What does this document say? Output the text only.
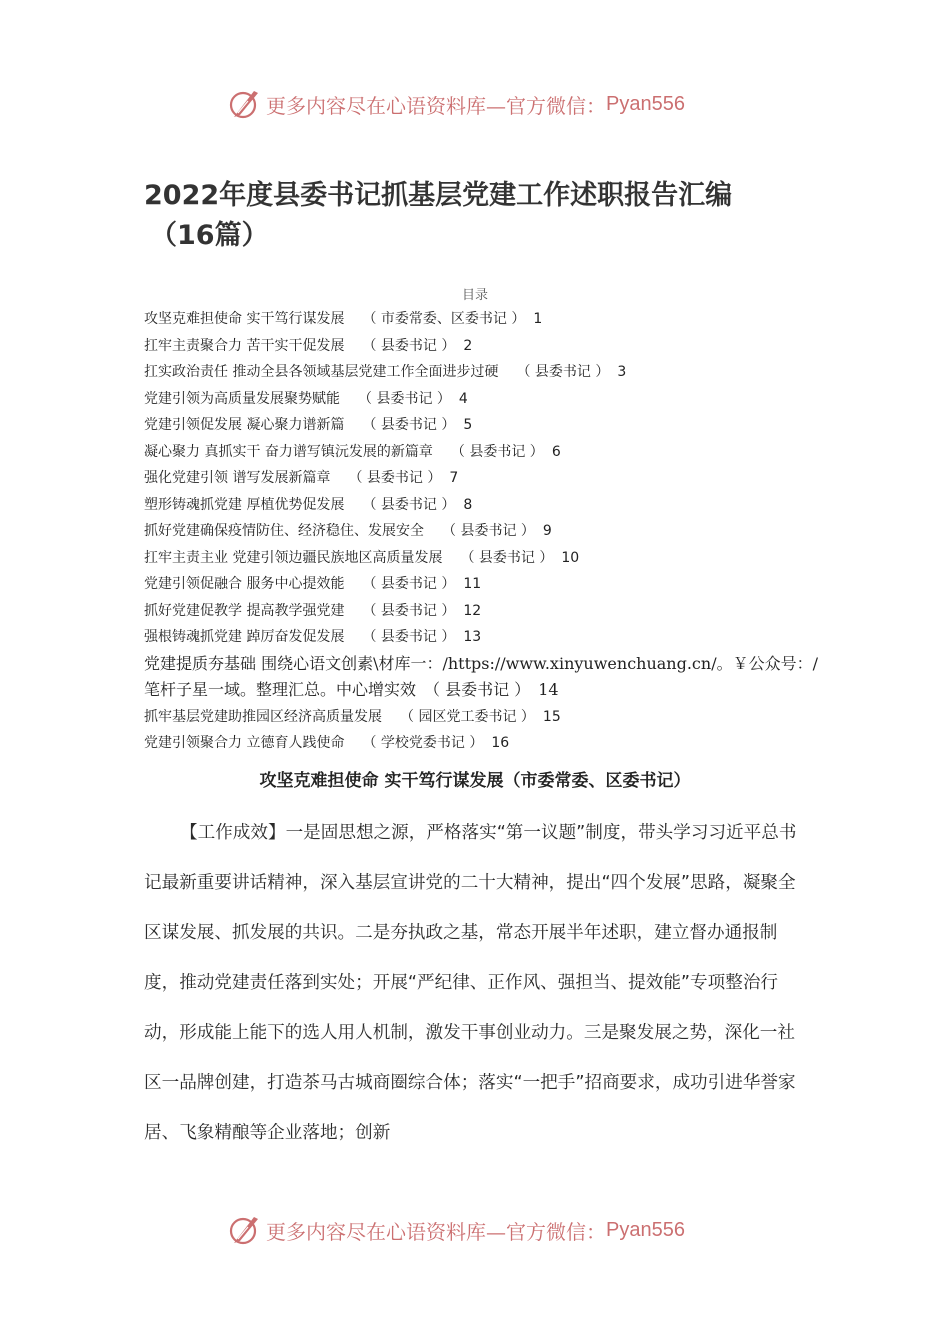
更多内容尽在心语资料库—官方微信： Pyan556
2022年度县委书记抓基层党建工作述职报告汇编
（16篇）
目录
攻坚克难担使命 实干笃行谋发展 （ 市委常委、区委书记 ） 1
扛牢主责聚合力 苦干实干促发展 （ 县委书记 ） 2
扛实政治责任 推动全县各领域基层党建工作全面进步过硬 （ 县委书记 ） 3
党建引领为高质量发展聚势赋能 （ 县委书记 ） 4
党建引领促发展 凝心聚力谱新篇 （ 县委书记 ） 5
凝心聚力 真抓实干 奋力谱写镇沅发展的新篇章 （ 县委书记 ） 6
强化党建引领 谱写发展新篇章 （ 县委书记 ） 7
塑形铸魂抓党建 厚植优势促发展 （ 县委书记 ） 8
抓好党建确保疫情防住、经济稳住、发展安全 （ 县委书记 ） 9
扛牢主责主业 党建引领边疆民族地区高质量发展 （ 县委书记 ） 10
党建引领促融合 服务中心提效能 （ 县委书记 ） 11
抓好党建促教学 提高教学强党建 （ 县委书记 ） 12
强根铸魂抓党建 踔厉奋发促发展 （ 县委书记 ） 13
党建提质夯基础 围绕心语文创素\材库一：/https://www.xinyuwenchuang.cn/。￥公众号：/笔杆子星一域。整理汇总。中心增实效 （ 县委书记 ） 14
抓牢基层党建助推园区经济高质量发展 （ 园区党工委书记 ） 15
党建引领聚合力 立德育人践使命 （ 学校党委书记 ） 16
攻坚克难担使命 实干笃行谋发展（市委常委、区委书记）

【工作成效】一是固思想之源，严格落实“第一议题”制度，带头学习习近平总书记最新重要讲话精神，深入基层宣讲党的二十大精神，提出“四个发展”思路，凝聚全区谋发展、抓发展的共识。二是夯执政之基，常态开展半年述职，建立督办通报制度，推动党建责任落到实处；开展“严纪律、正作风、强担当、提效能”专项整治行动，形成能上能下的选人用人机制，激发干事创业动力。三是聚发展之势，深化一社区一品牌创建，打造茶马古城商圈综合体；落实“一把手”招商要求，成功引进华誉家居、飞象精酿等企业落地；创新

更多内容尽在心语资料库—官方微信： Pyan556
